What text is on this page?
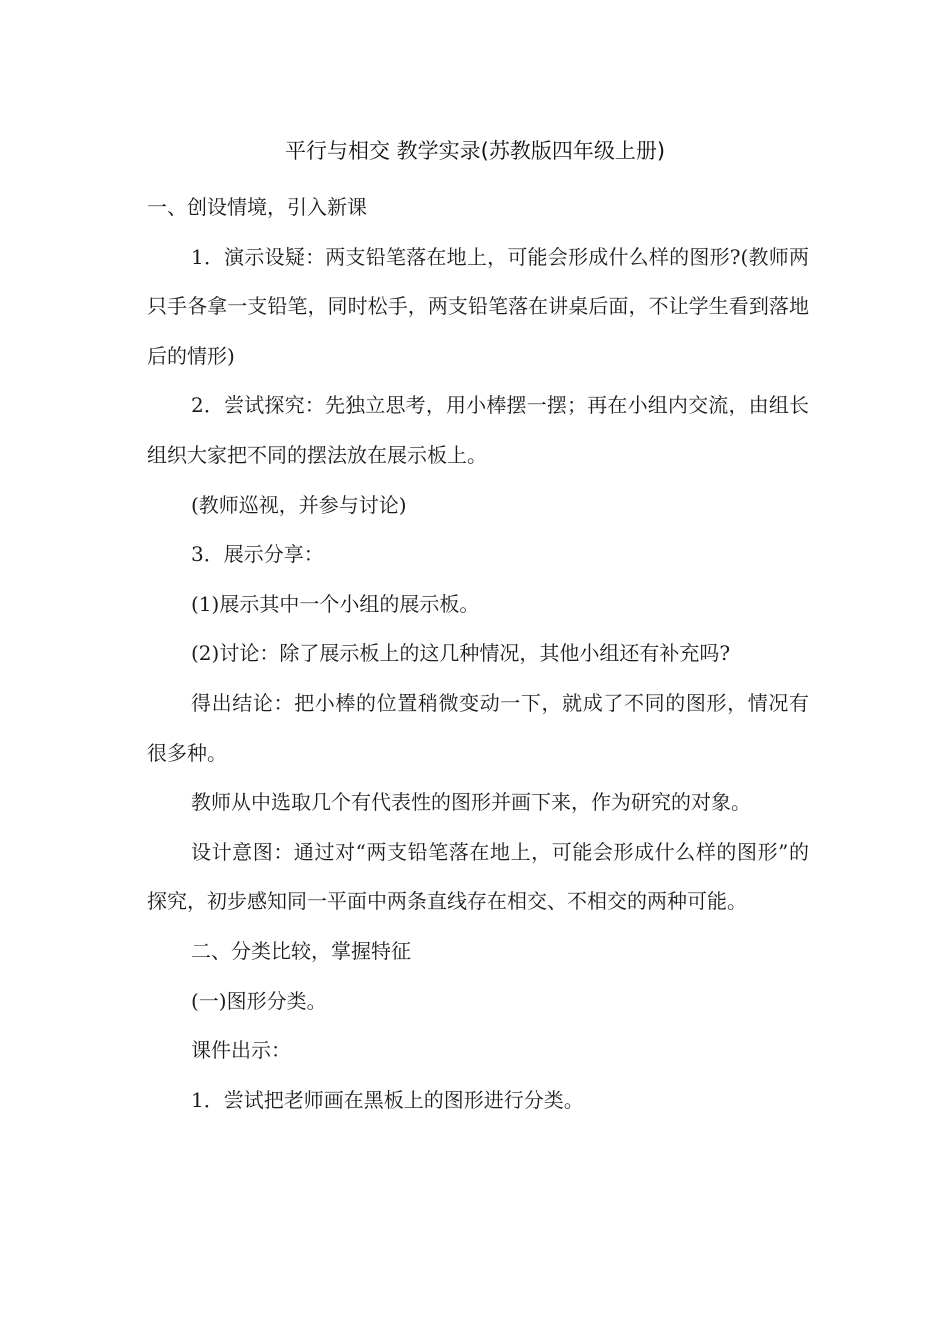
平行与相交 教学实录(苏教版四年级上册)

一、创设情境，引入新课

1．演示设疑：两支铅笔落在地上，可能会形成什么样的图形?(教师两只手各拿一支铅笔，同时松手，两支铅笔落在讲桌后面，不让学生看到落地后的情形)

2．尝试探究：先独立思考，用小棒摆一摆；再在小组内交流，由组长组织大家把不同的摆法放在展示板上。

(教师巡视，并参与讨论)

3．展示分享：

(1)展示其中一个小组的展示板。

(2)讨论：除了展示板上的这几种情况，其他小组还有补充吗?

得出结论：把小棒的位置稍微变动一下，就成了不同的图形，情况有很多种。

教师从中选取几个有代表性的图形并画下来，作为研究的对象。

设计意图：通过对“两支铅笔落在地上，可能会形成什么样的图形”的探究，初步感知同一平面中两条直线存在相交、不相交的两种可能。

二、分类比较，掌握特征

(一)图形分类。

课件出示：

1．尝试把老师画在黑板上的图形进行分类。
